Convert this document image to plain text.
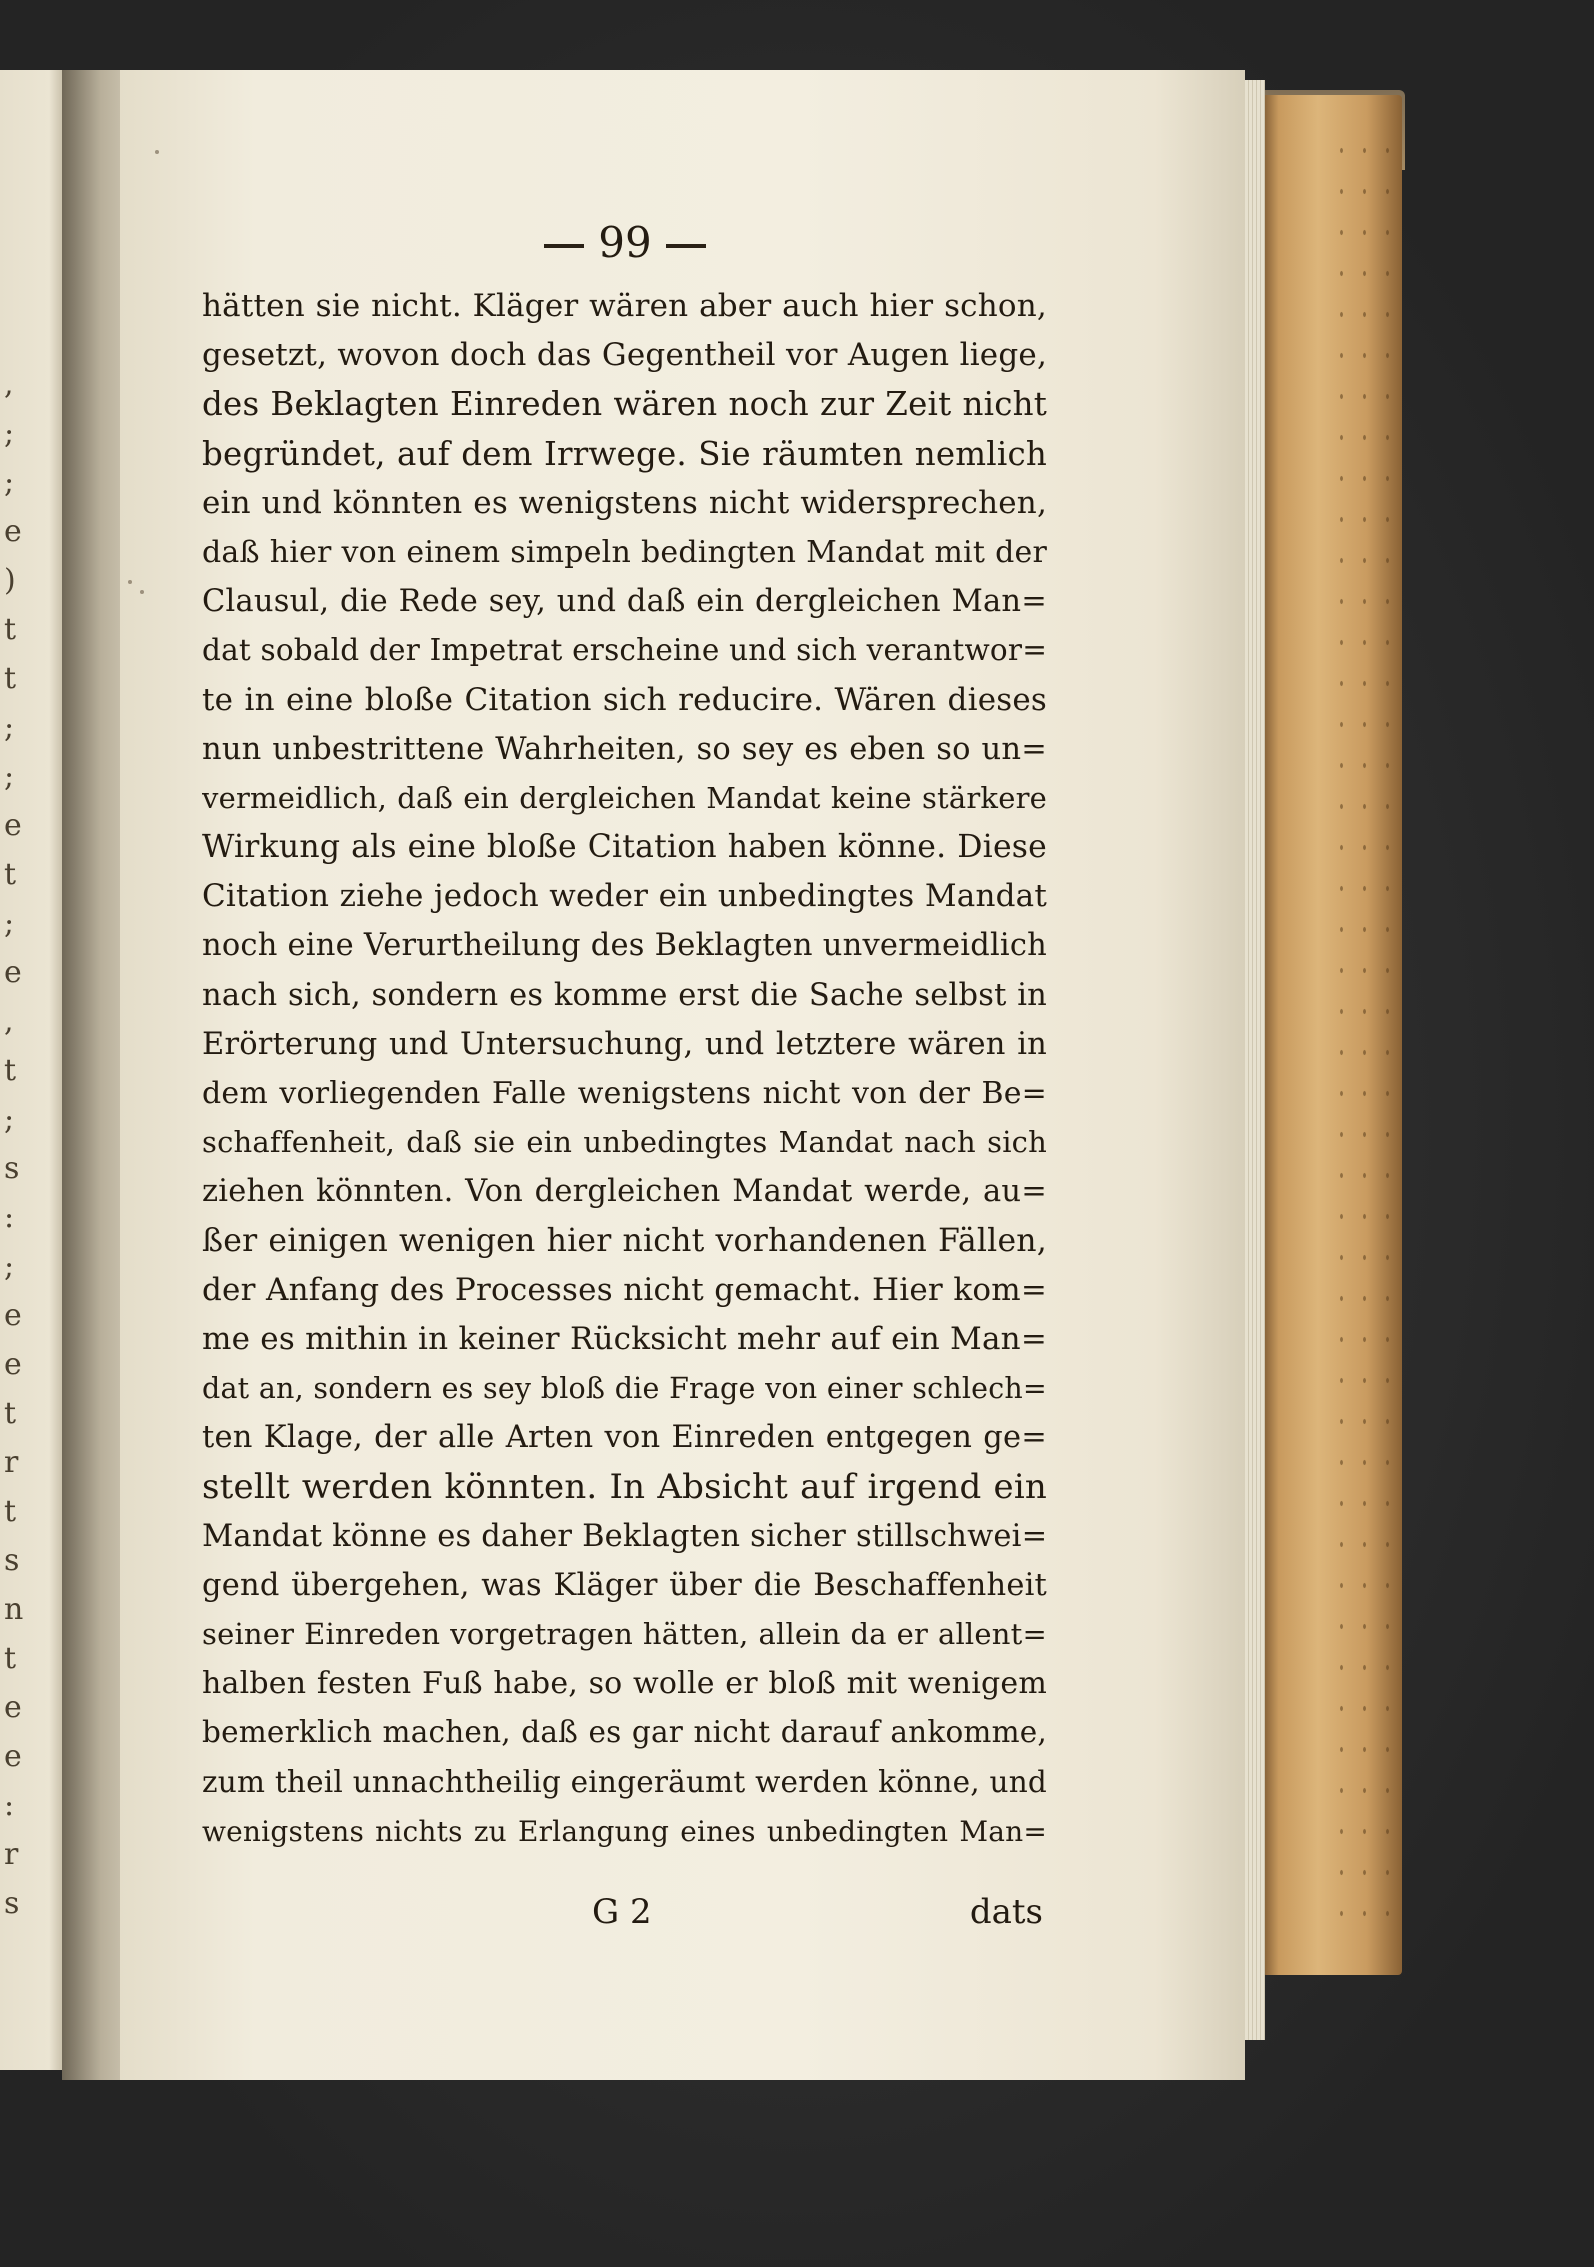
,
;
;
e
)
t
t
;
;
e
t
;
e
,
t
;
s
:
;
e
e
t
r
t
s
n
t
e
e
:
r
s
99
hätten sie nicht. Kläger wären aber auch hier schon,
gesetzt, wovon doch das Gegentheil vor Augen liege,
des Beklagten Einreden wären noch zur Zeit nicht
begründet, auf dem Irrwege. Sie räumten nemlich
ein und könnten es wenigstens nicht widersprechen,
daß hier von einem simpeln bedingten Mandat mit der
Clausul, die Rede sey, und daß ein dergleichen Man=
dat sobald der Impetrat erscheine und sich verantwor=
te in eine bloße Citation sich reducire. Wären dieses
nun unbestrittene Wahrheiten, so sey es eben so un=
vermeidlich, daß ein dergleichen Mandat keine stärkere
Wirkung als eine bloße Citation haben könne. Diese
Citation ziehe jedoch weder ein unbedingtes Mandat
noch eine Verurtheilung des Beklagten unvermeidlich
nach sich, sondern es komme erst die Sache selbst in
Erörterung und Untersuchung, und letztere wären in
dem vorliegenden Falle wenigstens nicht von der Be=
schaffenheit, daß sie ein unbedingtes Mandat nach sich
ziehen könnten. Von dergleichen Mandat werde, au=
ßer einigen wenigen hier nicht vorhandenen Fällen,
der Anfang des Processes nicht gemacht. Hier kom=
me es mithin in keiner Rücksicht mehr auf ein Man=
dat an, sondern es sey bloß die Frage von einer schlech=
ten Klage, der alle Arten von Einreden entgegen ge=
stellt werden könnten. In Absicht auf irgend ein
Mandat könne es daher Beklagten sicher stillschwei=
gend übergehen, was Kläger über die Beschaffenheit
seiner Einreden vorgetragen hätten, allein da er allent=
halben festen Fuß habe, so wolle er bloß mit wenigem
bemerklich machen, daß es gar nicht darauf ankomme,
zum theil unnachtheilig eingeräumt werden könne, und
wenigstens nichts zu Erlangung eines unbedingten Man=
G 2	dats
